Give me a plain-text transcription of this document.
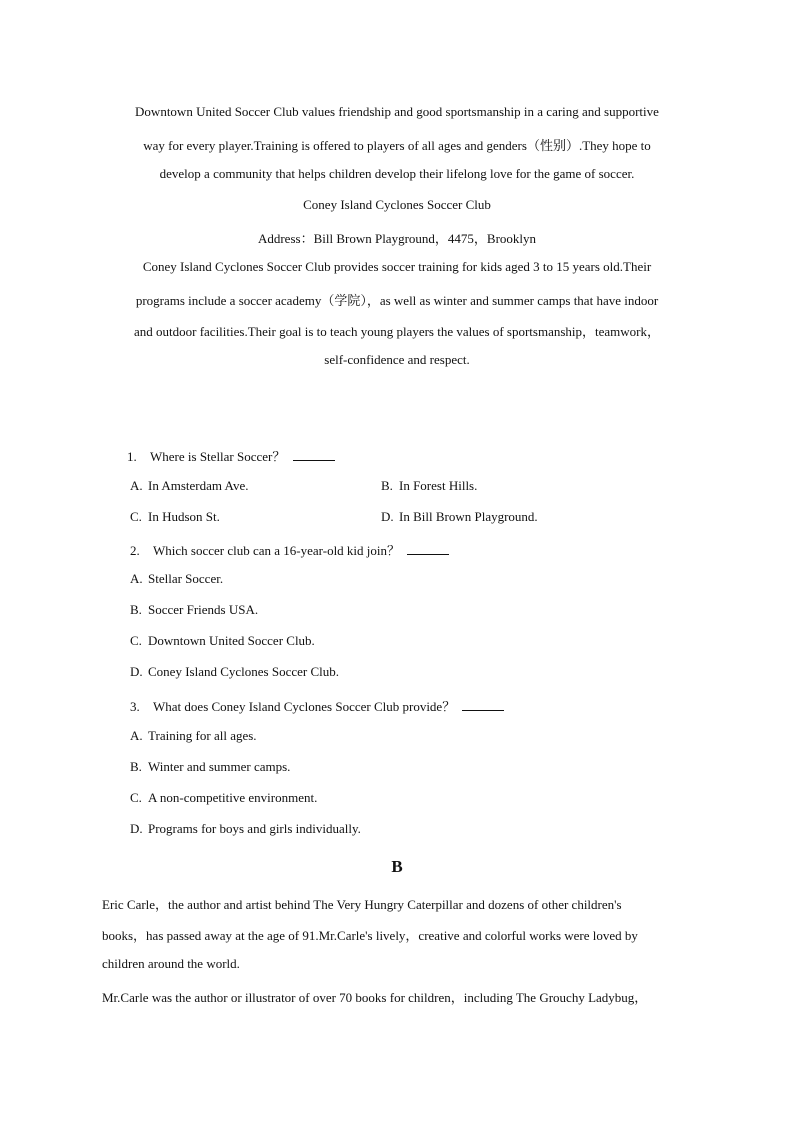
Downtown United Soccer Club values friendship and good sportsmanship in a caring and supportive
way for every player.Training is offered to players of all ages and genders（性别）.They hope to
develop a community that helps children develop their lifelong love for the game of soccer.
Coney Island Cyclones Soccer Club
Address：Bill Brown Playground，4475，Brooklyn
Coney Island Cyclones Soccer Club provides soccer training for kids aged 3 to 15 years old.Their
programs include a soccer academy（学院），as well as winter and summer camps that have indoor
and outdoor facilities.Their goal is to teach young players the values of sportsmanship，teamwork，
self-confidence and respect.
1. Where is Stellar Soccer？
A. In Amsterdam Ave.	B. In Forest Hills.
C. In Hudson St.	D. In Bill Brown Playground.
2. Which soccer club can a 16-year-old kid join？
A. Stellar Soccer.
B. Soccer Friends USA.
C. Downtown United Soccer Club.
D. Coney Island Cyclones Soccer Club.
3. What does Coney Island Cyclones Soccer Club provide？
A. Training for all ages.
B. Winter and summer camps.
C. A non-competitive environment.
D. Programs for boys and girls individually.
B
Eric Carle，the author and artist behind The Very Hungry Caterpillar and dozens of other children's
books，has passed away at the age of 91.Mr.Carle's lively，creative and colorful works were loved by
children around the world.
Mr.Carle was the author or illustrator of over 70 books for children，including The Grouchy Ladybug，
